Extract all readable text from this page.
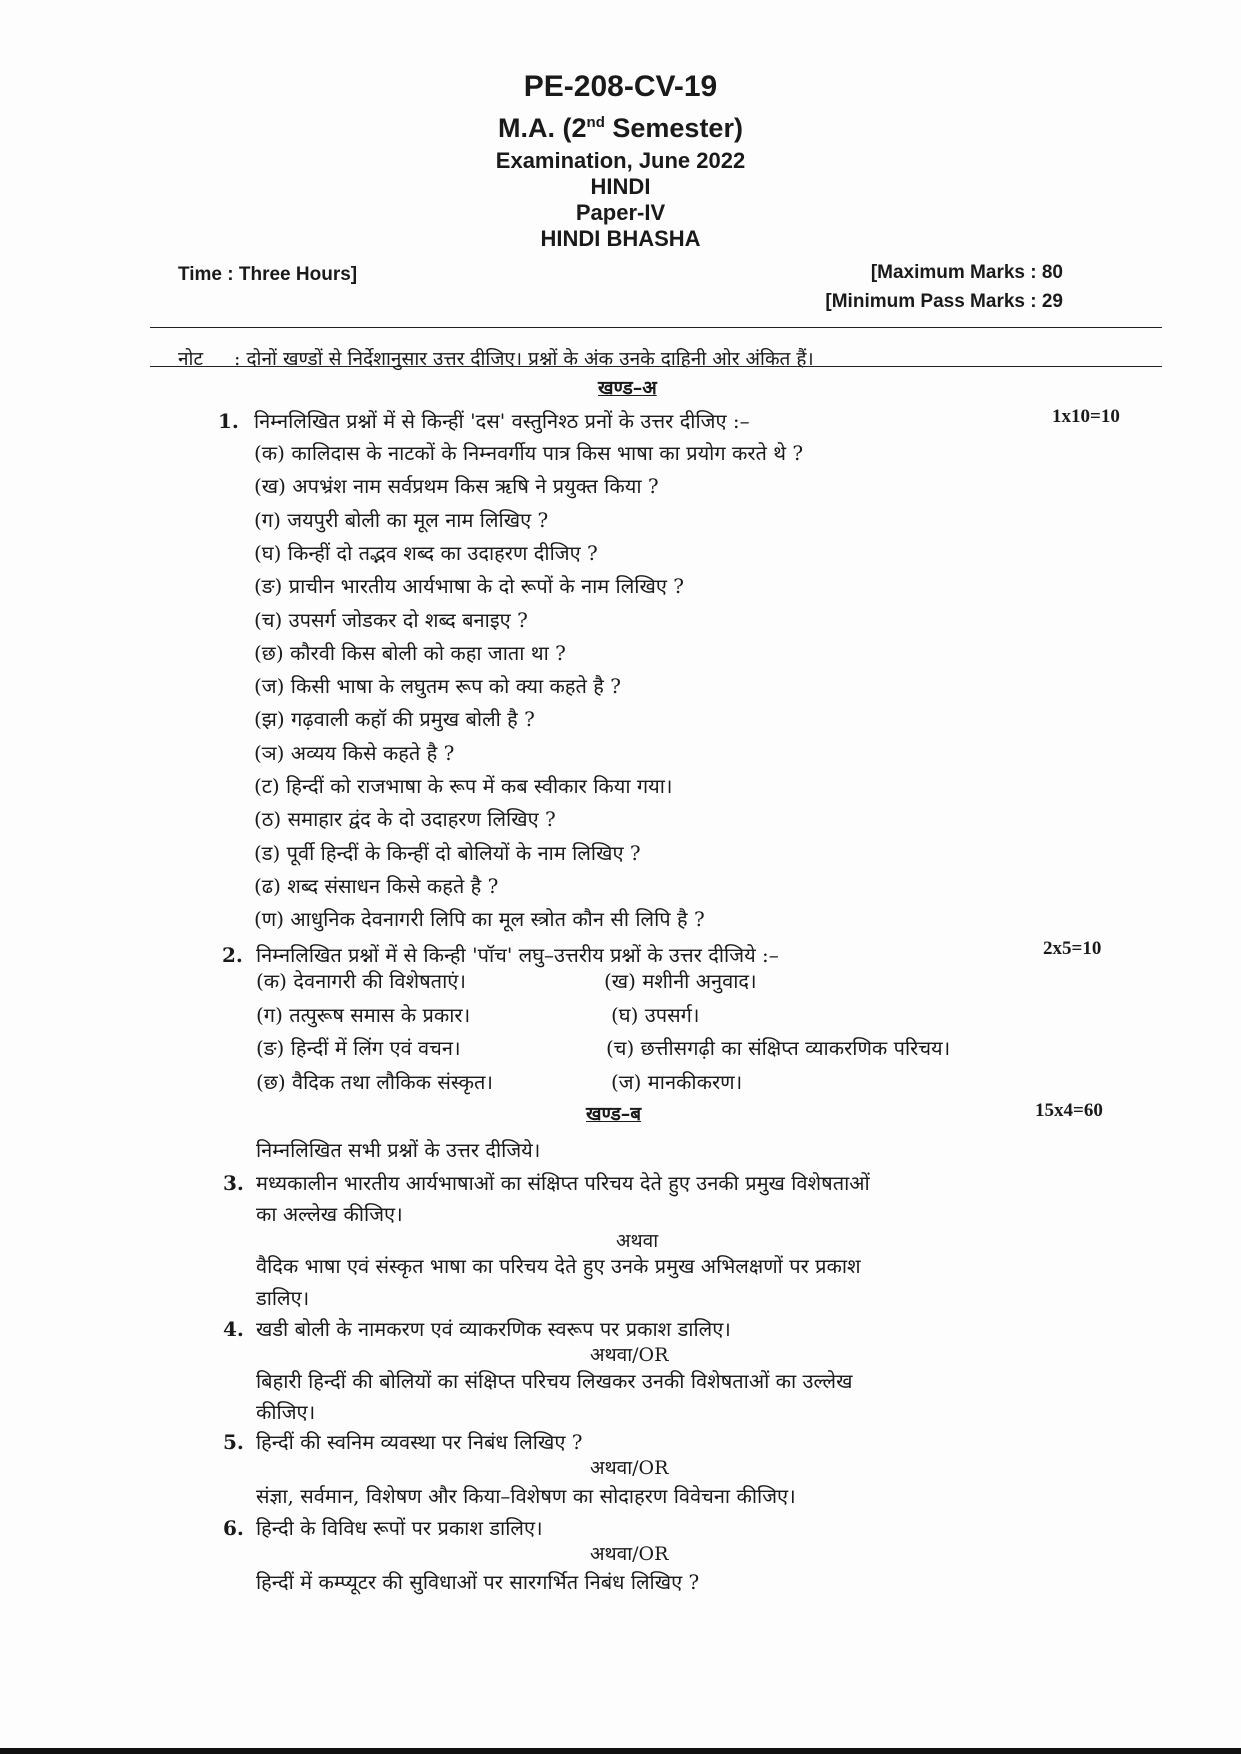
PE-208-CV-19
M.A. (2nd Semester)
Examination, June 2022
HINDI
Paper-IV
HINDI BHASHA
Time : Three Hours]	[Maximum Marks : 80
[Minimum Pass Marks : 29
नोट : दोनों खण्डों से निर्देशानुसार उत्तर दीजिए। प्रश्नों के अंक उनके दाहिनी ओर अंकित हैं।
खण्ड–अ
1. निम्नलिखित प्रश्नों में से किन्हीं 'दस' वस्तुनिश्ठ प्रनों के उत्तर दीजिए :–	1x10=10
(क) कालिदास के नाटकों के निम्नवर्गीय पात्र किस भाषा का प्रयोग करते थे ?
(ख) अपभ्रंश नाम सर्वप्रथम किस ऋषि ने प्रयुक्त किया ?
(ग) जयपुरी बोली का मूल नाम लिखिए ?
(घ) किन्हीं दो तद्भव शब्द का उदाहरण दीजिए ?
(ङ) प्राचीन भारतीय आर्यभाषा के दो रूपों के नाम लिखिए ?
(च) उपसर्ग जोडकर दो शब्द बनाइए ?
(छ) कौरवी किस बोली को कहा जाता था ?
(ज) किसी भाषा के लघुतम रूप को क्या कहते है ?
(झ) गढ़वाली कहॉ की प्रमुख बोली है ?
(ञ) अव्यय किसे कहते है ?
(ट) हिन्दीं को राजभाषा के रूप में कब स्वीकार किया गया।
(ठ) समाहार द्वंद के दो उदाहरण लिखिए ?
(ड) पूर्वी हिन्दीं के किन्हीं दो बोलियों के नाम लिखिए ?
(ढ) शब्द संसाधन किसे कहते है ?
(ण) आधुनिक देवनागरी लिपि का मूल स्त्रोत कौन सी लिपि है ?
2. निम्नलिखित प्रश्नों में से किन्ही 'पॉच' लघु–उत्तरीय प्रश्नों के उत्तर दीजिये :–	2x5=10
(क) देवनागरी की विशेषताएं।	(ख) मशीनी अनुवाद।
(ग) तत्पुरूष समास के प्रकार।	(घ) उपसर्ग।
(ङ) हिन्दीं में लिंग एवं वचन।	(च) छत्तीसगढ़ी का संक्षिप्त व्याकरणिक परिचय।
(छ) वैदिक तथा लौकिक संस्कृत।	(ज) मानकीकरण।
खण्ड–ब	15x4=60
निम्नलिखित सभी प्रश्नों के उत्तर दीजिये।
3. मध्यकालीन भारतीय आर्यभाषाओं का संक्षिप्त परिचय देते हुए उनकी प्रमुख विशेषताओं
का अल्लेख कीजिए।
अथवा
वैदिक भाषा एवं संस्कृत भाषा का परिचय देते हुए उनके प्रमुख अभिलक्षणों पर प्रकाश
डालिए।
4. खडी बोली के नामकरण एवं व्याकरणिक स्वरूप पर प्रकाश डालिए।
अथवा/OR
बिहारी हिन्दीं की बोलियों का संक्षिप्त परिचय लिखकर उनकी विशेषताओं का उल्लेख
कीजिए।
5. हिन्दीं की स्वनिम व्यवस्था पर निबंध लिखिए ?
अथवा/OR
संज्ञा, सर्वमान, विशेषण और किया–विशेषण का सोदाहरण विवेचना कीजिए।
6. हिन्दी के विविध रूपों पर प्रकाश डालिए।
अथवा/OR
हिन्दीं में कम्प्यूटर की सुविधाओं पर सारगर्भित निबंध लिखिए ?
